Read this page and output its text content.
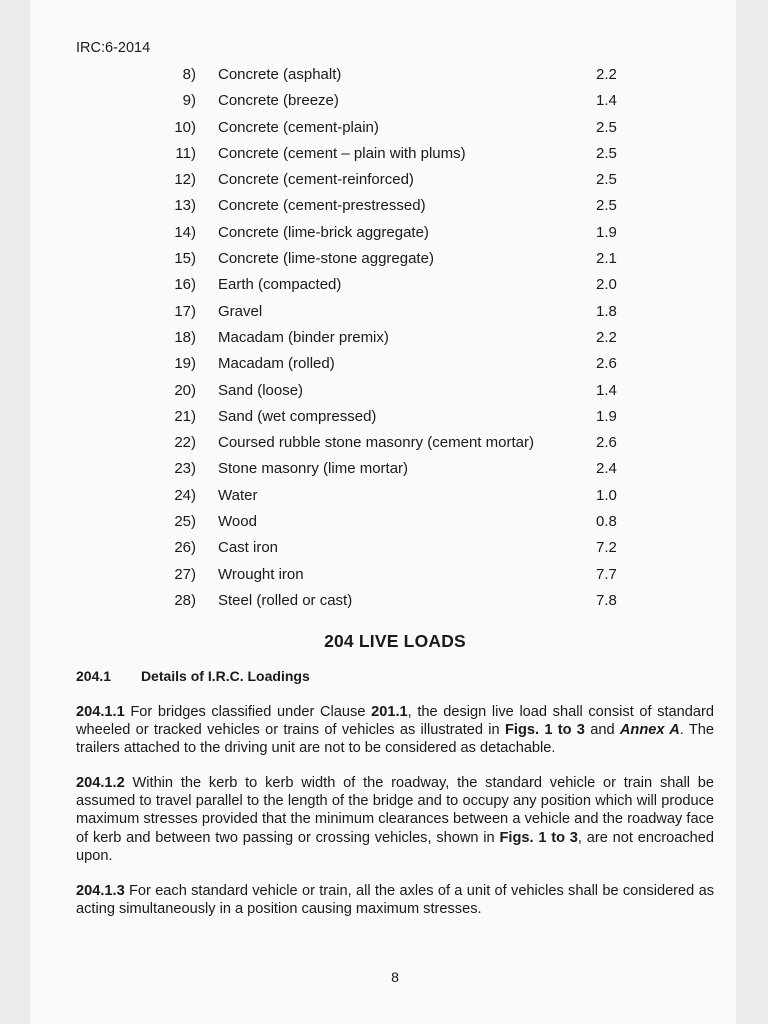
IRC:6-2014
8) Concrete (asphalt)	2.2
9) Concrete (breeze)	1.4
10) Concrete (cement-plain)	2.5
11) Concrete (cement – plain with plums)	2.5
12) Concrete (cement-reinforced)	2.5
13) Concrete (cement-prestressed)	2.5
14) Concrete (lime-brick aggregate)	1.9
15) Concrete (lime-stone aggregate)	2.1
16) Earth (compacted)	2.0
17) Gravel	1.8
18) Macadam (binder premix)	2.2
19) Macadam (rolled)	2.6
20) Sand (loose)	1.4
21) Sand (wet compressed)	1.9
22) Coursed rubble stone masonry (cement mortar)	2.6
23) Stone masonry (lime mortar)	2.4
24) Water	1.0
25) Wood	0.8
26) Cast iron	7.2
27) Wrought iron	7.7
28) Steel (rolled or cast)	7.8
204 LIVE LOADS
204.1 Details of I.R.C. Loadings
204.1.1 For bridges classified under Clause 201.1, the design live load shall consist of standard wheeled or tracked vehicles or trains of vehicles as illustrated in Figs. 1 to 3 and Annex A. The trailers attached to the driving unit are not to be considered as detachable.
204.1.2 Within the kerb to kerb width of the roadway, the standard vehicle or train shall be assumed to travel parallel to the length of the bridge and to occupy any position which will produce maximum stresses provided that the minimum clearances between a vehicle and the roadway face of kerb and between two passing or crossing vehicles, shown in Figs. 1 to 3, are not encroached upon.
204.1.3 For each standard vehicle or train, all the axles of a unit of vehicles shall be considered as acting simultaneously in a position causing maximum stresses.
8
